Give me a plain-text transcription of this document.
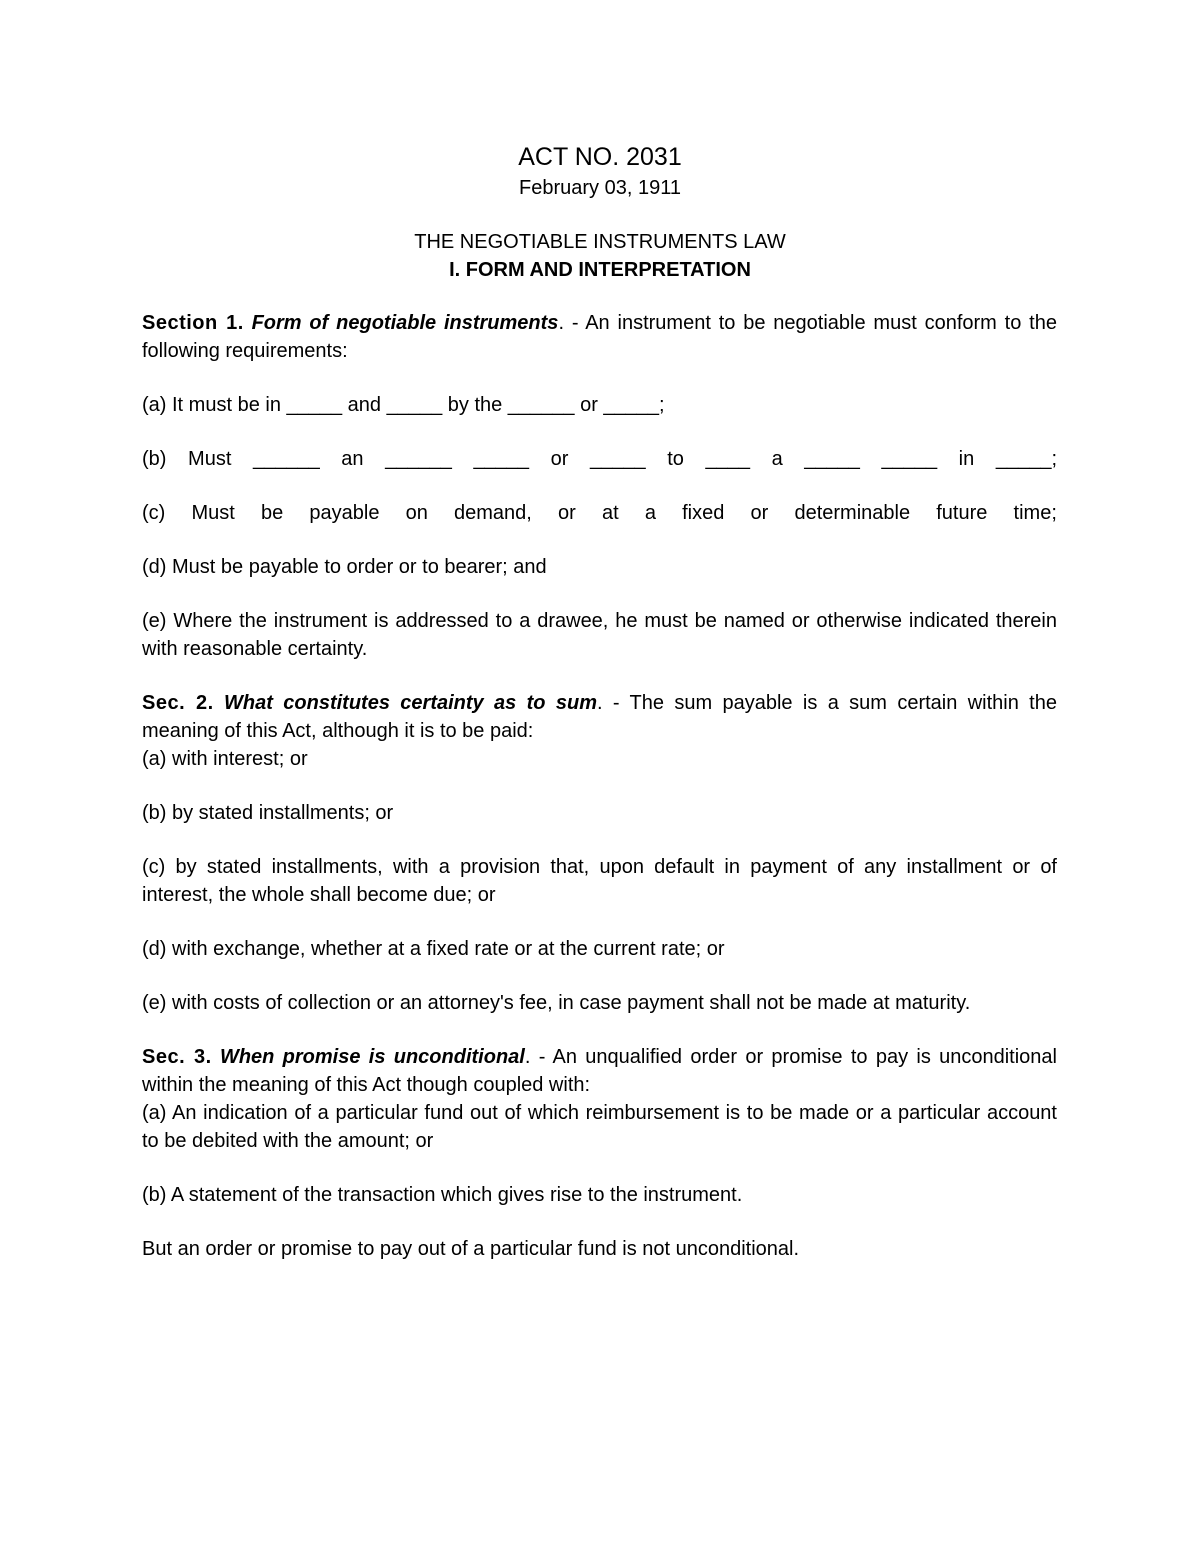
ACT NO. 2031
February 03, 1911
THE NEGOTIABLE INSTRUMENTS LAW
I. FORM AND INTERPRETATION

Section 1. Form of negotiable instruments. - An instrument to be negotiable must conform to the following requirements:

(a) It must be in _____ and _____ by the ______ or _____;

(b) Must ______ an ______ _____ or _____ to ____ a _____ _____ in _____;
(c) Must be payable on demand, or at a fixed or determinable future time;

(d) Must be payable to order or to bearer; and

(e) Where the instrument is addressed to a drawee, he must be named or otherwise indicated therein with reasonable certainty.

Sec. 2. What constitutes certainty as to sum. - The sum payable is a sum certain within the meaning of this Act, although it is to be paid:

(a) with interest; or

(b) by stated installments; or

(c) by stated installments, with a provision that, upon default in payment of any installment or of interest, the whole shall become due; or

(d) with exchange, whether at a fixed rate or at the current rate; or

(e) with costs of collection or an attorney's fee, in case payment shall not be made at maturity.

Sec. 3. When promise is unconditional. - An unqualified order or promise to pay is unconditional within the meaning of this Act though coupled with:

(a) An indication of a particular fund out of which reimbursement is to be made or a particular account to be debited with the amount; or

(b) A statement of the transaction which gives rise to the instrument.

But an order or promise to pay out of a particular fund is not unconditional.
